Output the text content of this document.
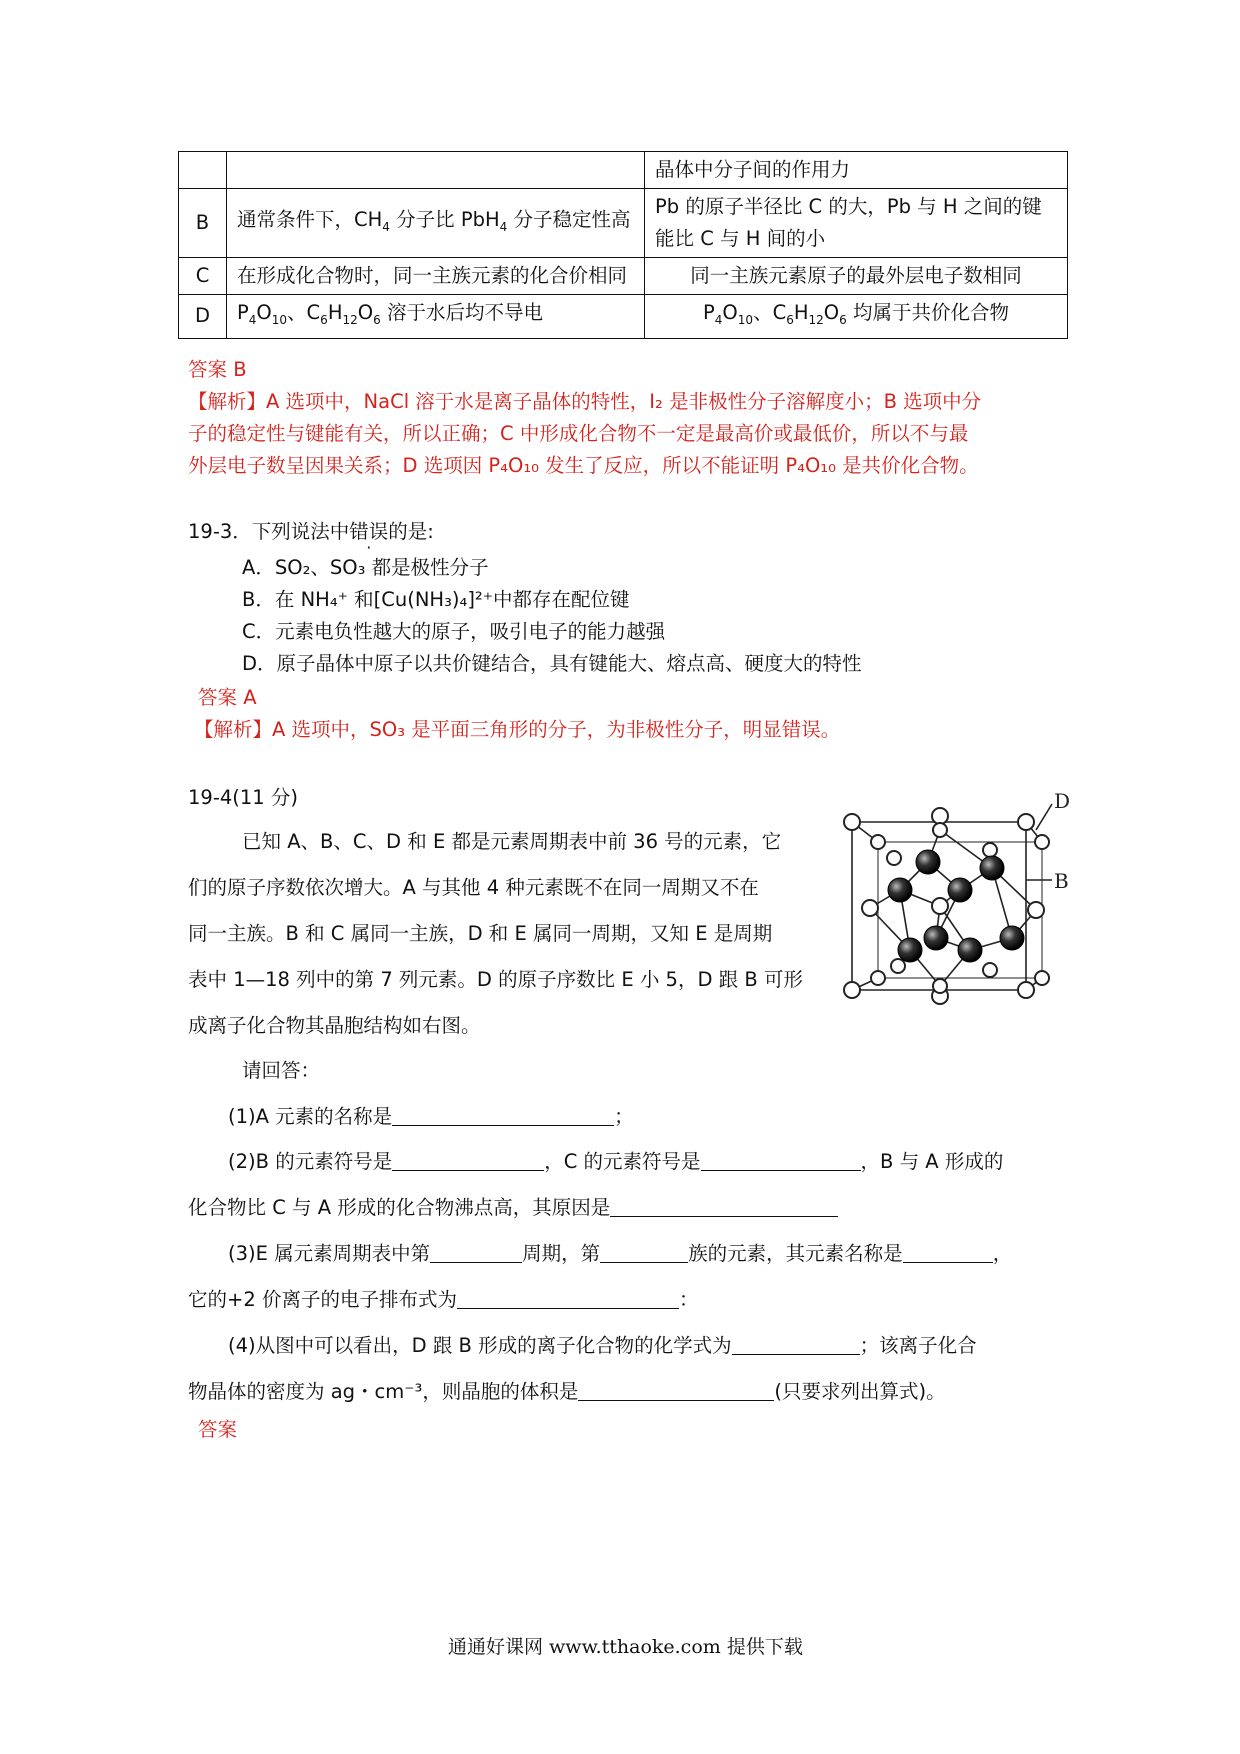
		晶体中分子间的作用力
B	通常条件下，$CH_4$ 分子比 PbH$_4$ 分子稳定性高	Pb 的原子半径比 C 的大，Pb 与 H 之间的键能比 C 与 H 间的小
C	在形成化合物时，同一主族元素的化合价相同	同一主族元素原子的最外层电子数相同
D	$P_4O_{10}$、$C_6H_{12}O_6$ 溶于水后均不导电	$P_4O_{10}$、$C_6H_{12}O_6$ 均属于共价化合物
答案 B
【解析】A 选项中，NaCl 溶于水是离子晶体的特性，I₂ 是非极性分子溶解度小；B 选项中分
子的稳定性与键能有关，所以正确；C 中形成化合物不一定是最高价或最低价，所以不与最
外层电子数呈因果关系；D 选项因 P₄O₁₀ 发生了反应，所以不能证明 P₄O₁₀ 是共价化合物。
19-3．下列说法中错误的是:
A．SO₂、SO₃ 都是极性分子
B．在 NH₄⁺ 和[Cu(NH₃)₄]²⁺中都存在配位键
C．元素电负性越大的原子，吸引电子的能力越强
D．原子晶体中原子以共价键结合，具有键能大、熔点高、硬度大的特性
答案 A
【解析】A 选项中，SO₃ 是平面三角形的分子，为非极性分子，明显错误。
19-4(11 分)
已知 A、B、C、D 和 E 都是元素周期表中前 36 号的元素，它
们的原子序数依次增大。A 与其他 4 种元素既不在同一周期又不在
同一主族。B 和 C 属同一主族，D 和 E 属同一周期，又知 E 是周期
表中 1—18 列中的第 7 列元素。D 的原子序数比 E 小 5，D 跟 B 可形
成离子化合物其晶胞结构如右图。
请回答：
(1)A 元素的名称是	；
(2)B 的元素符号是	，C 的元素符号是	，B 与 A 形成的
化合物比 C 与 A 形成的化合物沸点高，其原因是
(3)E 属元素周期表中第	周期，第	族的元素，其元素名称是	，
它的+2 价离子的电子排布式为	：
(4)从图中可以看出，D 跟 B 形成的离子化合物的化学式为	；该离子化合
物晶体的密度为 ag・cm⁻³，则晶胞的体积是	(只要求列出算式)。
答案
D
B
通通好课网 www.tthaoke.com 提供下载
